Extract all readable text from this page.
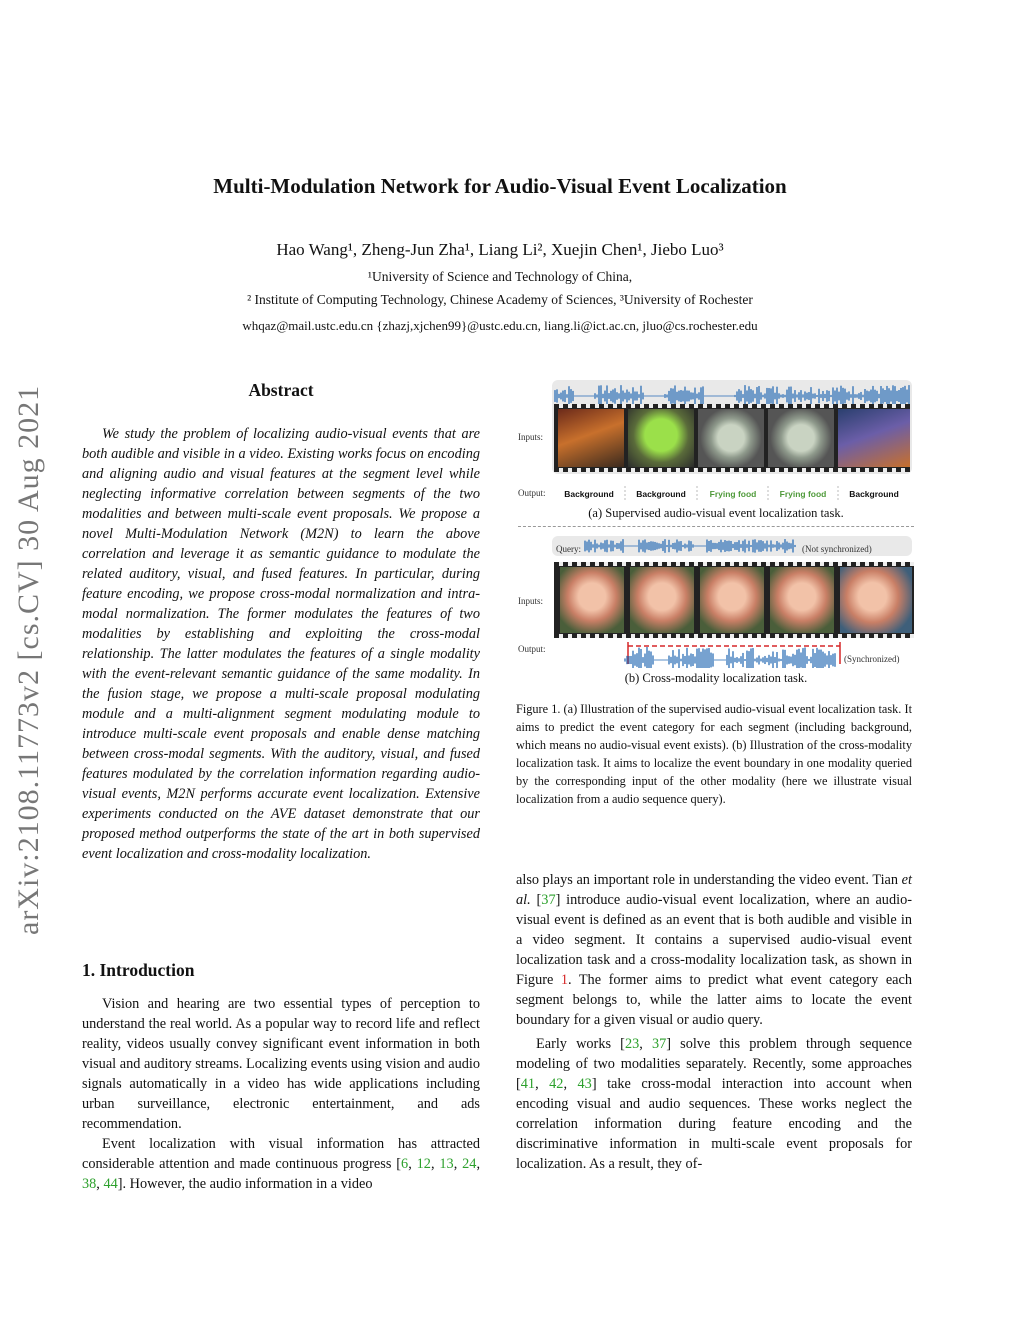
Multi-Modulation Network for Audio-Visual Event Localization
Hao Wang¹, Zheng-Jun Zha¹, Liang Li², Xuejin Chen¹, Jiebo Luo³
¹University of Science and Technology of China,
² Institute of Computing Technology, Chinese Academy of Sciences, ³University of Rochester
whqaz@mail.ustc.edu.cn {zhazj,xjchen99}@ustc.edu.cn, liang.li@ict.ac.cn, jluo@cs.rochester.edu
arXiv:2108.11773v2 [cs.CV] 30 Aug 2021	Abstract
We study the problem of localizing audio-visual events that are both audible and visible in a video. Existing works focus on encoding and aligning audio and visual features at the segment level while neglecting informative correlation between segments of the two modalities and between multi-scale event proposals. We propose a novel Multi-Modulation Network (M2N) to learn the above correlation and leverage it as semantic guidance to modulate the related auditory, visual, and fused features. In particular, during feature encoding, we propose cross-modal normalization and intra-modal normalization. The former modulates the features of two modalities by establishing and exploiting the cross-modal relationship. The latter modulates the features of a single modality with the event-relevant semantic guidance of the same modality. In the fusion stage, we propose a multi-scale proposal modulating module and a multi-alignment segment modulating module to introduce multi-scale event proposals and enable dense matching between cross-modal segments. With the auditory, visual, and fused features modulated by the correlation information regarding audio-visual events, M2N performs accurate event localization. Extensive experiments conducted on the AVE dataset demonstrate that our proposed method outperforms the state of the art in both supervised event localization and cross-modality localization.
1. Introduction

Vision and hearing are two essential types of perception to understand the real world. As a popular way to record life and reflect reality, videos usually convey significant event information in both visual and auditory streams. Localizing events using vision and audio signals automatically in a video has wide applications including urban surveillance, electronic entertainment, and ads recommendation.

Event localization with visual information has attracted considerable attention and made continuous progress [6, 12, 13, 24, 38, 44]. However, the audio information in a video

Inputs:
Output:	Background	Background	Frying food	Frying food	Background
(a) Supervised audio-visual event localization task.
Query:	(Not synchronized)
Inputs:
Output:
(Synchronized)
(b) Cross-modality localization task.
Figure 1. (a) Illustration of the supervised audio-visual event localization task. It aims to predict the event category for each segment (including background, which means no audio-visual event exists). (b) Illustration of the cross-modality localization task. It aims to localize the event boundary in one modality queried by the corresponding input of the other modality (here we illustrate visual localization from a audio sequence query).

also plays an important role in understanding the video event. Tian et al. [37] introduce audio-visual event localization, where an audio-visual event is defined as an event that is both audible and visible in a video segment. It contains a supervised audio-visual event localization task and a cross-modality localization task, as shown in Figure 1. The former aims to predict what event category each segment belongs to, while the latter aims to locate the event boundary for a given visual or audio query.

Early works [23, 37] solve this problem through sequence modeling of two modalities separately. Recently, some approaches [41, 42, 43] take cross-modal interaction into account when encoding visual and audio sequences. These works neglect the correlation information during feature encoding and the discriminative information in multi-scale event proposals for localization. As a result, they of-
